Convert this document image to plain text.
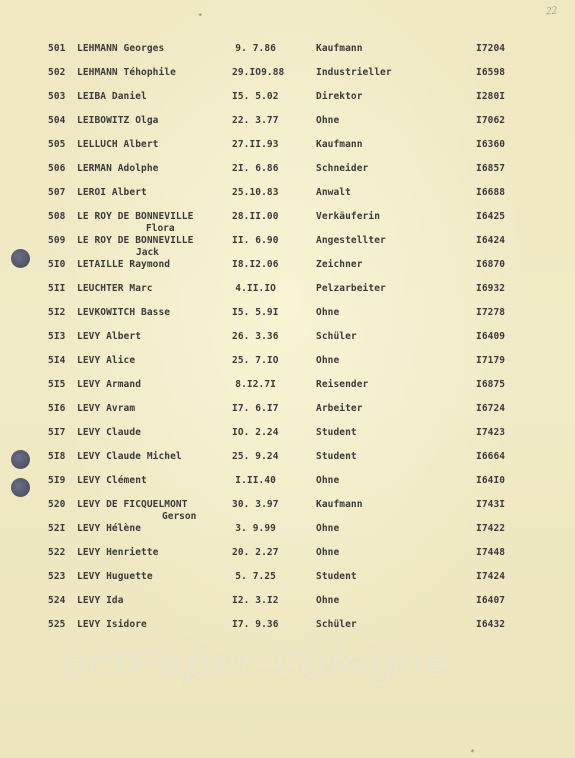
22
*
*
ectPaper-Vologne
501 LEHMANN Georges	9. 7.86	Kaufmann	I7204
502 LEHMANN Téhophile	29.IO9.88	Industrieller	I6598
503 LEIBA Daniel	I5. 5.02	Direktor	I280I
504 LEIBOWITZ Olga	22. 3.77	Ohne	I7062
505 LELLUCH Albert	27.II.93	Kaufmann	I6360
506 LERMAN Adolphe	2I. 6.86	Schneider	I6857
507 LEROI Albert	25.10.83	Anwalt	I6688
508 LE ROY DE BONNEVILLE	28.II.00	Verkäuferin	I6425
Flora
509 LE ROY DE BONNEVILLE	II. 6.90	Angestellter	I6424
Jack
5I0 LETAILLE Raymond	I8.I2.06	Zeichner	I6870
5II LEUCHTER Marc	4.II.IO	Pelzarbeiter	I6932
5I2 LEVKOWITCH Basse	I5. 5.9I	Ohne	I7278
5I3 LEVY Albert	26. 3.36	Schüler	I6409
5I4 LEVY Alice	25. 7.IO	Ohne	I7179
5I5 LEVY Armand	8.I2.7I	Reisender	I6875
5I6 LEVY Avram	I7. 6.I7	Arbeiter	I6724
5I7 LEVY Claude	IO. 2.24	Student	I7423
5I8 LEVY Claude Michel	25. 9.24	Student	I6664
5I9 LEVY Clément	I.II.40	Ohne	I64I0
520 LEVY DE FICQUELMONT	30. 3.97	Kaufmann	I743I
Gerson
52I LEVY Hélène	3. 9.99	Ohne	I7422
522 LEVY Henriette	20. 2.27	Ohne	I7448
523 LEVY Huguette	5. 7.25	Student	I7424
524 LEVY Ida	I2. 3.I2	Ohne	I6407
525 LEVY Isidore	I7. 9.36	Schüler	I6432
